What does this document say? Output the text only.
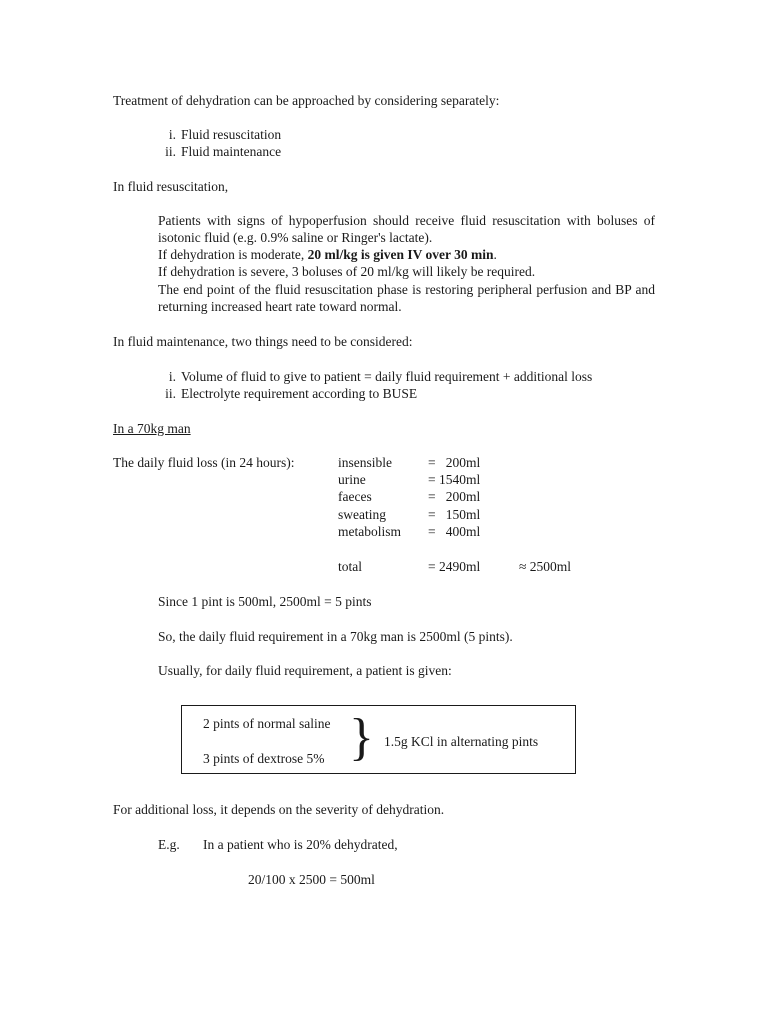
Treatment of dehydration can be approached by considering separately:
i. Fluid resuscitation
ii. Fluid maintenance
In fluid resuscitation,
Patients with signs of hypoperfusion should receive fluid resuscitation with boluses of isotonic fluid (e.g. 0.9% saline or Ringer's lactate).
If dehydration is moderate, 20 ml/kg is given IV over 30 min.
If dehydration is severe, 3 boluses of 20 ml/kg will likely be required.
The end point of the fluid resuscitation phase is restoring peripheral perfusion and BP and returning increased heart rate toward normal.
In fluid maintenance, two things need to be considered:
i. Volume of fluid to give to patient = daily fluid requirement + additional loss
ii. Electrolyte requirement according to BUSE
In a 70kg man
The daily fluid loss (in 24 hours):	insensible	=   200ml
urine	= 1540ml
faeces	=   200ml
sweating	=   150ml
metabolism =   400ml
total	= 2490ml	≈ 2500ml
Since 1 pint is 500ml, 2500ml = 5 pints
So, the daily fluid requirement in a 70kg man is 2500ml (5 pints).
Usually, for daily fluid requirement, a patient is given:
2 pints of normal saline
3 pints of dextrose 5% } 1.5g KCl in alternating pints
For additional loss, it depends on the severity of dehydration.
E.g. In a patient who is 20% dehydrated,
20/100 x 2500 = 500ml
